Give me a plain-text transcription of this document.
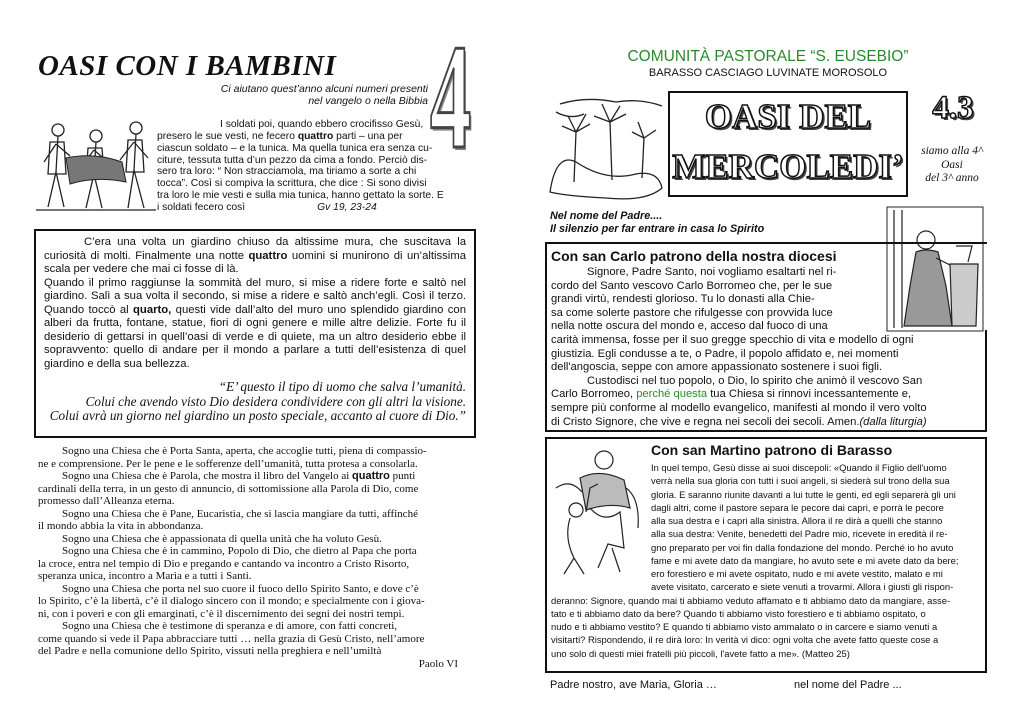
OASI CON I BAMBINI 4
Ci aiutano quest’anno alcuni numeri presenti
nel vangelo o nella Bibbia
I soldati poi, quando ebbero crocifisso Gesù,
presero le sue vesti, ne fecero quattro parti – una per
ciascun soldato – e la tunica. Ma quella tunica era senza cu-
citure, tessuta tutta d’un pezzo da cima a fondo. Perciò dis-
sero tra loro: “ Non stracciamola, ma tiriamo a sorte a chi
tocca”. Così si compiva la scrittura, che dice : Si sono divisi
tra loro le mie vesti e sulla mia tunica, hanno gettato la sorte. E
i soldati fecero così	Gv 19, 23-24
C’era una volta un giardino chiuso da altissime mura, che suscitava la curiosità di molti. Finalmente una notte quattro uomini si munirono di un’altissima scala per vedere che mai ci fosse di là.
Quando il primo raggiunse la sommità del muro, si mise a ridere forte e saltò nel giardino. Salì a sua volta il secondo, si mise a ridere e saltò anch’egli. Così il terzo. Quando toccò al quarto, questi vide dall’alto del muro uno splendido giardino con alberi da frutta, fontane, statue, fiori di ogni genere e mille altre delizie. Forte fu il desiderio di gettarsi in quell’oasi di verde e di quiete, ma un altro desiderio ebbe il sopravvento: quello di andare per il mondo a parlare a tutti dell’esistenza di quel giardino e della sua bellezza.
“E’ questo il tipo di uomo che salva l’umanità.
Colui che avendo visto Dio desidera condividere con gli altri la visione.
Colui avrà un giorno nel giardino un posto speciale, accanto al cuore di Dio.”
Sogno una Chiesa che è Porta Santa, aperta, che accoglie tutti, piena di compassio-
ne e comprensione. Per le pene e le sofferenze dell’umanità, tutta protesa a consolarla.
Sogno una Chiesa che è Parola, che mostra il libro del Vangelo ai quattro punti
cardinali della terra, in un gesto di annuncio, di sottomissione alla Parola di Dio, come
promesso dall’Alleanza eterna.
Sogno una Chiesa che è Pane, Eucaristia, che si lascia mangiare da tutti, affinché
il mondo abbia la vita in abbondanza.
Sogno una Chiesa che è appassionata di quella unità che ha voluto Gesù.
Sogno una Chiesa che è in cammino, Popolo di Dio, che dietro al Papa che porta
la croce, entra nel tempio di Dio e pregando e cantando va incontro a Cristo Risorto,
speranza unica, incontro a Maria e a tutti i Santi.
Sogno una Chiesa che porta nel suo cuore il fuoco dello Spirito Santo, e dove c’è
lo Spirito, c’è la libertà, c’è il dialogo sincero con il mondo; e specialmente con i giova-
ni, con i poveri e con gli emarginati, c’è il discernimento dei segni dei nostri tempi.
Sogno una Chiesa che è testimone di speranza e di amore, con fatti concreti,
come quando si vede il Papa abbracciare tutti … nella grazia di Gesù Cristo, nell’amore
del Padre e nella comunione dello Spirito, vissuti nella preghiera e nell’umiltà
Paolo VI
COMUNITÀ PASTORALE “S. EUSEBIO”
BARASSO CASCIAGO LUVINATE MOROSOLO
OASI DEL
MERCOLEDI’
4.3
siamo alla 4^
Oasi
del 3^ anno
Nel nome del Padre....
Il silenzio per far entrare in casa lo Spirito
Con san Carlo patrono della nostra diocesi
Signore, Padre Santo, noi vogliamo esaltarti nel ri-
cordo del Santo vescovo Carlo Borromeo che, per le sue
grandi virtù, rendesti glorioso. Tu lo donasti alla Chie-
sa come solerte pastore che rifulgesse con provvida luce
nella notte oscura del mondo e, acceso dal fuoco di una
carità immensa, fosse per il suo gregge specchio di vita e modello di ogni
giustizia. Egli condusse a te, o Padre, il popolo affidato e, nei momenti
dell'angoscia, seppe con amore appassionato sostenere i suoi figli.
Custodisci nel tuo popolo, o Dio, lo spirito che animò il vescovo San
Carlo Borromeo, perché questa tua Chiesa si rinnovi incessantemente e,
sempre più conforme al modello evangelico, manifesti al mondo il vero volto
di Cristo Signore, che vive e regna nei secoli dei secoli. Amen.(dalla liturgia)
Con san Martino patrono di Barasso
In quel tempo, Gesù disse ai suoi discepoli: «Quando il Figlio dell'uomo
verrà nella sua gloria con tutti i suoi angeli, si siederà sul trono della sua
gloria. E saranno riunite davanti a lui tutte le genti, ed egli separerà gli uni
dagli altri, come il pastore separa le pecore dai capri, e porrà le pecore
alla sua destra e i capri alla sinistra. Allora il re dirà a quelli che stanno
alla sua destra: Venite, benedetti del Padre mio, ricevete in eredità il re-
gno preparato per voi fin dalla fondazione del mondo. Perché io ho avuto
fame e mi avete dato da mangiare, ho avuto sete e mi avete dato da bere;
ero forestiero e mi avete ospitato, nudo e mi avete vestito, malato e mi
avete visitato, carcerato e siete venuti a trovarmi. Allora i giusti gli rispon-
deranno: Signore, quando mai ti abbiamo veduto affamato e ti abbiamo dato da mangiare, asse-
tato e ti abbiamo dato da bere? Quando ti abbiamo visto forestiero e ti abbiamo ospitato, o
nudo e ti abbiamo vestito? E quando ti abbiamo visto ammalato o in carcere e siamo venuti a
visitarti? Rispondendo, il re dirà loro: In verità vi dico: ogni volta che avete fatto queste cose a
uno solo di questi miei fratelli più piccoli, l'avete fatto a me». (Matteo 25)
Padre nostro, ave Maria, Gloria …	nel nome del Padre ...
